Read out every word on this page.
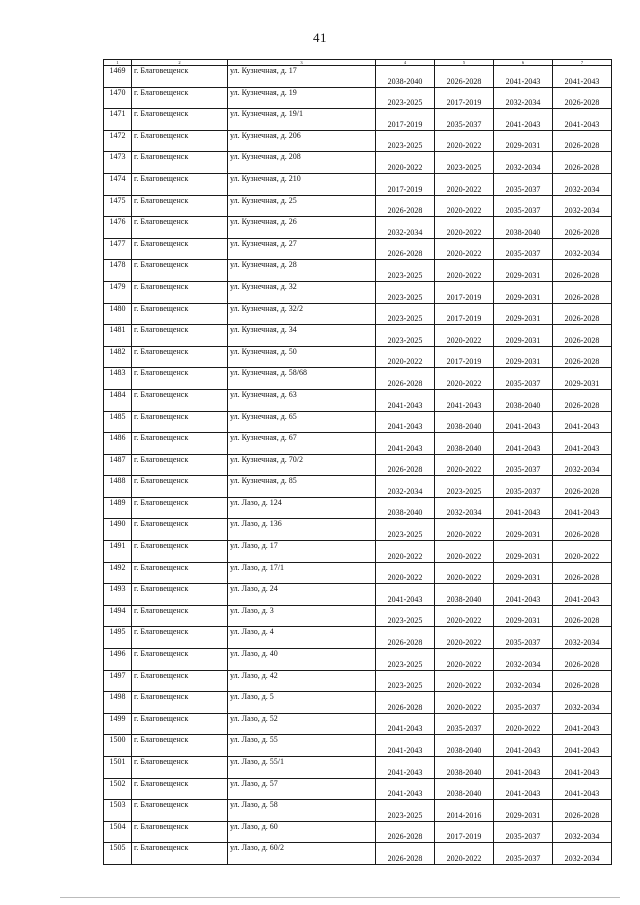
41
1	2	3	4	5	6	7
1469	г. Благовещенск	ул. Кузнечная, д. 17	2038-2040	2026-2028	2041-2043	2041-2043
1470	г. Благовещенск	ул. Кузнечная, д. 19	2023-2025	2017-2019	2032-2034	2026-2028
1471	г. Благовещенск	ул. Кузнечная, д. 19/1	2017-2019	2035-2037	2041-2043	2041-2043
1472	г. Благовещенск	ул. Кузнечная, д. 206	2023-2025	2020-2022	2029-2031	2026-2028
1473	г. Благовещенск	ул. Кузнечная, д. 208	2020-2022	2023-2025	2032-2034	2026-2028
1474	г. Благовещенск	ул. Кузнечная, д. 210	2017-2019	2020-2022	2035-2037	2032-2034
1475	г. Благовещенск	ул. Кузнечная, д. 25	2026-2028	2020-2022	2035-2037	2032-2034
1476	г. Благовещенск	ул. Кузнечная, д. 26	2032-2034	2020-2022	2038-2040	2026-2028
1477	г. Благовещенск	ул. Кузнечная, д. 27	2026-2028	2020-2022	2035-2037	2032-2034
1478	г. Благовещенск	ул. Кузнечная, д. 28	2023-2025	2020-2022	2029-2031	2026-2028
1479	г. Благовещенск	ул. Кузнечная, д. 32	2023-2025	2017-2019	2029-2031	2026-2028
1480	г. Благовещенск	ул. Кузнечная, д. 32/2	2023-2025	2017-2019	2029-2031	2026-2028
1481	г. Благовещенск	ул. Кузнечная, д. 34	2023-2025	2020-2022	2029-2031	2026-2028
1482	г. Благовещенск	ул. Кузнечная, д. 50	2020-2022	2017-2019	2029-2031	2026-2028
1483	г. Благовещенск	ул. Кузнечная, д. 58/68	2026-2028	2020-2022	2035-2037	2029-2031
1484	г. Благовещенск	ул. Кузнечная, д. 63	2041-2043	2041-2043	2038-2040	2026-2028
1485	г. Благовещенск	ул. Кузнечная, д. 65	2041-2043	2038-2040	2041-2043	2041-2043
1486	г. Благовещенск	ул. Кузнечная, д. 67	2041-2043	2038-2040	2041-2043	2041-2043
1487	г. Благовещенск	ул. Кузнечная, д. 70/2	2026-2028	2020-2022	2035-2037	2032-2034
1488	г. Благовещенск	ул. Кузнечная, д. 85	2032-2034	2023-2025	2035-2037	2026-2028
1489	г. Благовещенск	ул. Лазо, д. 124	2038-2040	2032-2034	2041-2043	2041-2043
1490	г. Благовещенск	ул. Лазо, д. 136	2023-2025	2020-2022	2029-2031	2026-2028
1491	г. Благовещенск	ул. Лазо, д. 17	2020-2022	2020-2022	2029-2031	2020-2022
1492	г. Благовещенск	ул. Лазо, д. 17/1	2020-2022	2020-2022	2029-2031	2026-2028
1493	г. Благовещенск	ул. Лазо, д. 24	2041-2043	2038-2040	2041-2043	2041-2043
1494	г. Благовещенск	ул. Лазо, д. 3	2023-2025	2020-2022	2029-2031	2026-2028
1495	г. Благовещенск	ул. Лазо, д. 4	2026-2028	2020-2022	2035-2037	2032-2034
1496	г. Благовещенск	ул. Лазо, д. 40	2023-2025	2020-2022	2032-2034	2026-2028
1497	г. Благовещенск	ул. Лазо, д. 42	2023-2025	2020-2022	2032-2034	2026-2028
1498	г. Благовещенск	ул. Лазо, д. 5	2026-2028	2020-2022	2035-2037	2032-2034
1499	г. Благовещенск	ул. Лазо, д. 52	2041-2043	2035-2037	2020-2022	2041-2043
1500	г. Благовещенск	ул. Лазо, д. 55	2041-2043	2038-2040	2041-2043	2041-2043
1501	г. Благовещенск	ул. Лазо, д. 55/1	2041-2043	2038-2040	2041-2043	2041-2043
1502	г. Благовещенск	ул. Лазо, д. 57	2041-2043	2038-2040	2041-2043	2041-2043
1503	г. Благовещенск	ул. Лазо, д. 58	2023-2025	2014-2016	2029-2031	2026-2028
1504	г. Благовещенск	ул. Лазо, д. 60	2026-2028	2017-2019	2035-2037	2032-2034
1505	г. Благовещенск	ул. Лазо, д. 60/2	2026-2028	2020-2022	2035-2037	2032-2034
